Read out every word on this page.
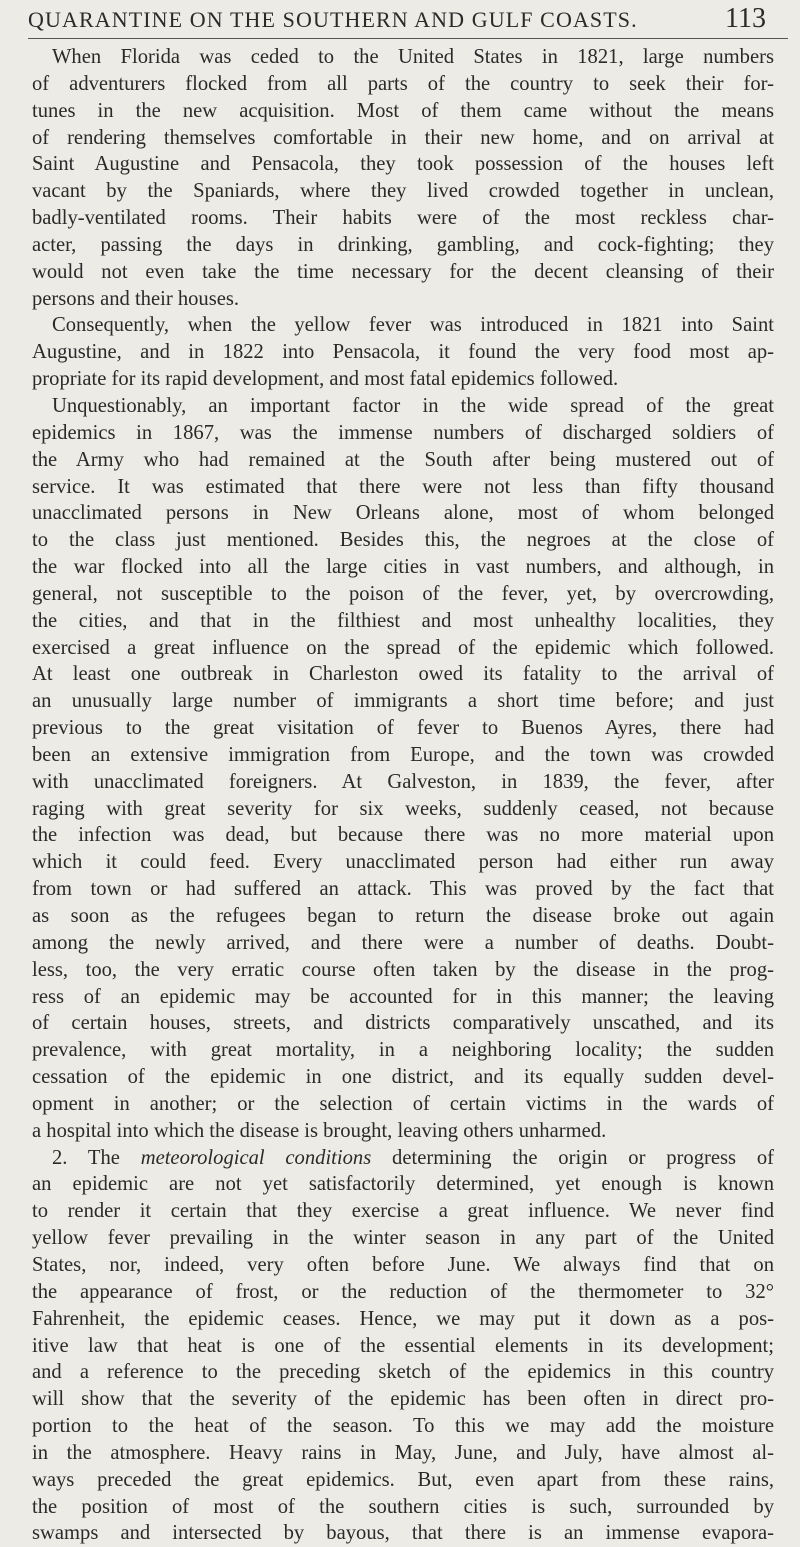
QUARANTINE ON THE SOUTHERN AND GULF COASTS.	113
When Florida was ceded to the United States in 1821, large numbers
of adventurers flocked from all parts of the country to seek their for-
tunes in the new acquisition. Most of them came without the means
of rendering themselves comfortable in their new home, and on arrival at
Saint Augustine and Pensacola, they took possession of the houses left
vacant by the Spaniards, where they lived crowded together in unclean,
badly-ventilated rooms. Their habits were of the most reckless char-
acter, passing the days in drinking, gambling, and cock-fighting; they
would not even take the time necessary for the decent cleansing of their
persons and their houses.
Consequently, when the yellow fever was introduced in 1821 into Saint
Augustine, and in 1822 into Pensacola, it found the very food most ap-
propriate for its rapid development, and most fatal epidemics followed.
Unquestionably, an important factor in the wide spread of the great
epidemics in 1867, was the immense numbers of discharged soldiers of
the Army who had remained at the South after being mustered out of
service. It was estimated that there were not less than fifty thousand
unacclimated persons in New Orleans alone, most of whom belonged
to the class just mentioned. Besides this, the negroes at the close of
the war flocked into all the large cities in vast numbers, and although, in
general, not susceptible to the poison of the fever, yet, by overcrowding,
the cities, and that in the filthiest and most unhealthy localities, they
exercised a great influence on the spread of the epidemic which followed.
At least one outbreak in Charleston owed its fatality to the arrival of
an unusually large number of immigrants a short time before; and just
previous to the great visitation of fever to Buenos Ayres, there had
been an extensive immigration from Europe, and the town was crowded
with unacclimated foreigners. At Galveston, in 1839, the fever, after
raging with great severity for six weeks, suddenly ceased, not because
the infection was dead, but because there was no more material upon
which it could feed. Every unacclimated person had either run away
from town or had suffered an attack. This was proved by the fact that
as soon as the refugees began to return the disease broke out again
among the newly arrived, and there were a number of deaths. Doubt-
less, too, the very erratic course often taken by the disease in the prog-
ress of an epidemic may be accounted for in this manner; the leaving
of certain houses, streets, and districts comparatively unscathed, and its
prevalence, with great mortality, in a neighboring locality; the sudden
cessation of the epidemic in one district, and its equally sudden devel-
opment in another; or the selection of certain victims in the wards of
a hospital into which the disease is brought, leaving others unharmed.
2. The meteorological conditions determining the origin or progress of
an epidemic are not yet satisfactorily determined, yet enough is known
to render it certain that they exercise a great influence. We never find
yellow fever prevailing in the winter season in any part of the United
States, nor, indeed, very often before June. We always find that on
the appearance of frost, or the reduction of the thermometer to 32°
Fahrenheit, the epidemic ceases. Hence, we may put it down as a pos-
itive law that heat is one of the essential elements in its development;
and a reference to the preceding sketch of the epidemics in this country
will show that the severity of the epidemic has been often in direct pro-
portion to the heat of the season. To this we may add the moisture
in the atmosphere. Heavy rains in May, June, and July, have almost al-
ways preceded the great epidemics. But, even apart from these rains,
the position of most of the southern cities is such, surrounded by
swamps and intersected by bayous, that there is an immense evapora-
